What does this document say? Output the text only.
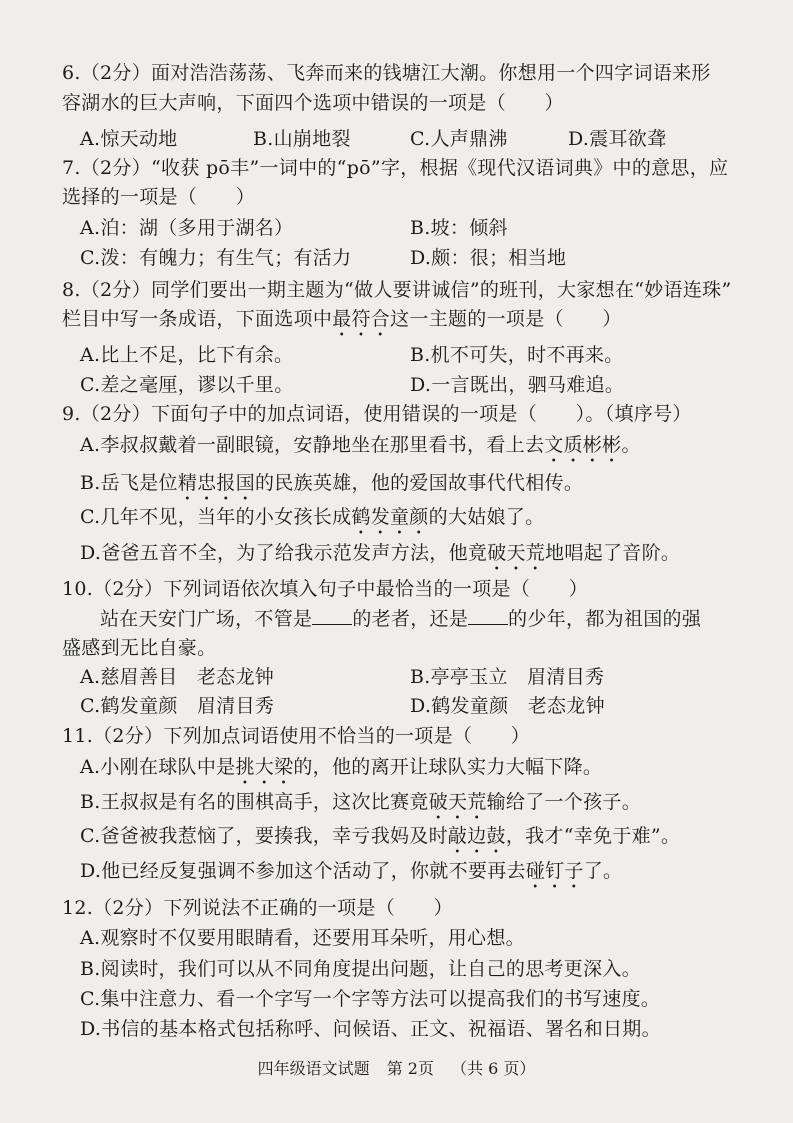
6.（2分）面对浩浩荡荡、飞奔而来的钱塘江大潮。你想用一个四字词语来形
容湖水的巨大声响，下面四个选项中错误的一项是（　　）
A.惊天动地	B.山崩地裂	C.人声鼎沸	D.震耳欲聋
7.（2分）“收获 pō丰”一词中的“pō”字，根据《现代汉语词典》中的意思，应
选择的一项是（　　）
A.泊：湖（多用于湖名）	B.坡：倾斜
C.泼：有魄力；有生气；有活力	D.颇：很；相当地
8.（2分）同学们要出一期主题为“做人要讲诚信”的班刊，大家想在“妙语连珠”
栏目中写一条成语，下面选项中最符合这一主题的一项是（　　）
A.比上不足，比下有余。	B.机不可失，时不再来。
C.差之毫厘，谬以千里。	D.一言既出，驷马难追。
9.（2分）下面句子中的加点词语，使用错误的一项是（　　）。（填序号）
A.李叔叔戴着一副眼镜，安静地坐在那里看书，看上去文质彬彬。
B.岳飞是位精忠报国的民族英雄，他的爱国故事代代相传。
C.几年不见，当年的小女孩长成鹤发童颜的大姑娘了。
D.爸爸五音不全，为了给我示范发声方法，他竟破天荒地唱起了音阶。
10.（2分）下列词语依次填入句子中最恰当的一项是（　　）
站在天安门广场，不管是 的老者，还是 的少年，都为祖国的强
盛感到无比自豪。
A.慈眉善目　老态龙钟	B.亭亭玉立　眉清目秀
C.鹤发童颜　眉清目秀	D.鹤发童颜　老态龙钟
11.（2分）下列加点词语使用不恰当的一项是（　　）
A.小刚在球队中是挑大梁的，他的离开让球队实力大幅下降。
B.王叔叔是有名的围棋高手，这次比赛竟破天荒输给了一个孩子。
C.爸爸被我惹恼了，要揍我，幸亏我妈及时敲边鼓，我才“幸免于难”。
D.他已经反复强调不参加这个活动了，你就不要再去碰钉子了。
12.（2分）下列说法不正确的一项是（　　）
A.观察时不仅要用眼睛看，还要用耳朵听，用心想。
B.阅读时，我们可以从不同角度提出问题，让自己的思考更深入。
C.集中注意力、看一个字写一个字等方法可以提高我们的书写速度。
D.书信的基本格式包括称呼、问候语、正文、祝福语、署名和日期。
四年级语文试题 第 2页 （共 6 页）
